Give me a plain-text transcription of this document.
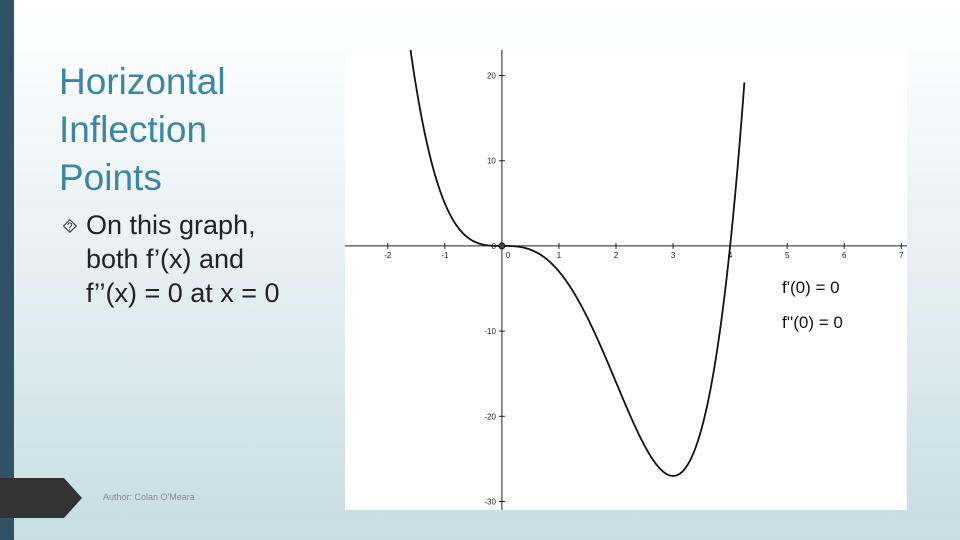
Horizontal
Inflection
Points
⯑ On this graph,
both f’(x) and
f’’(x) = 0 at x = 0
Author: Colan O'Meara
-2	-1	1	2	3	4	5	6	7
20
10
0
-10
-20
-30
0
f'(0) = 0
f''(0) = 0
